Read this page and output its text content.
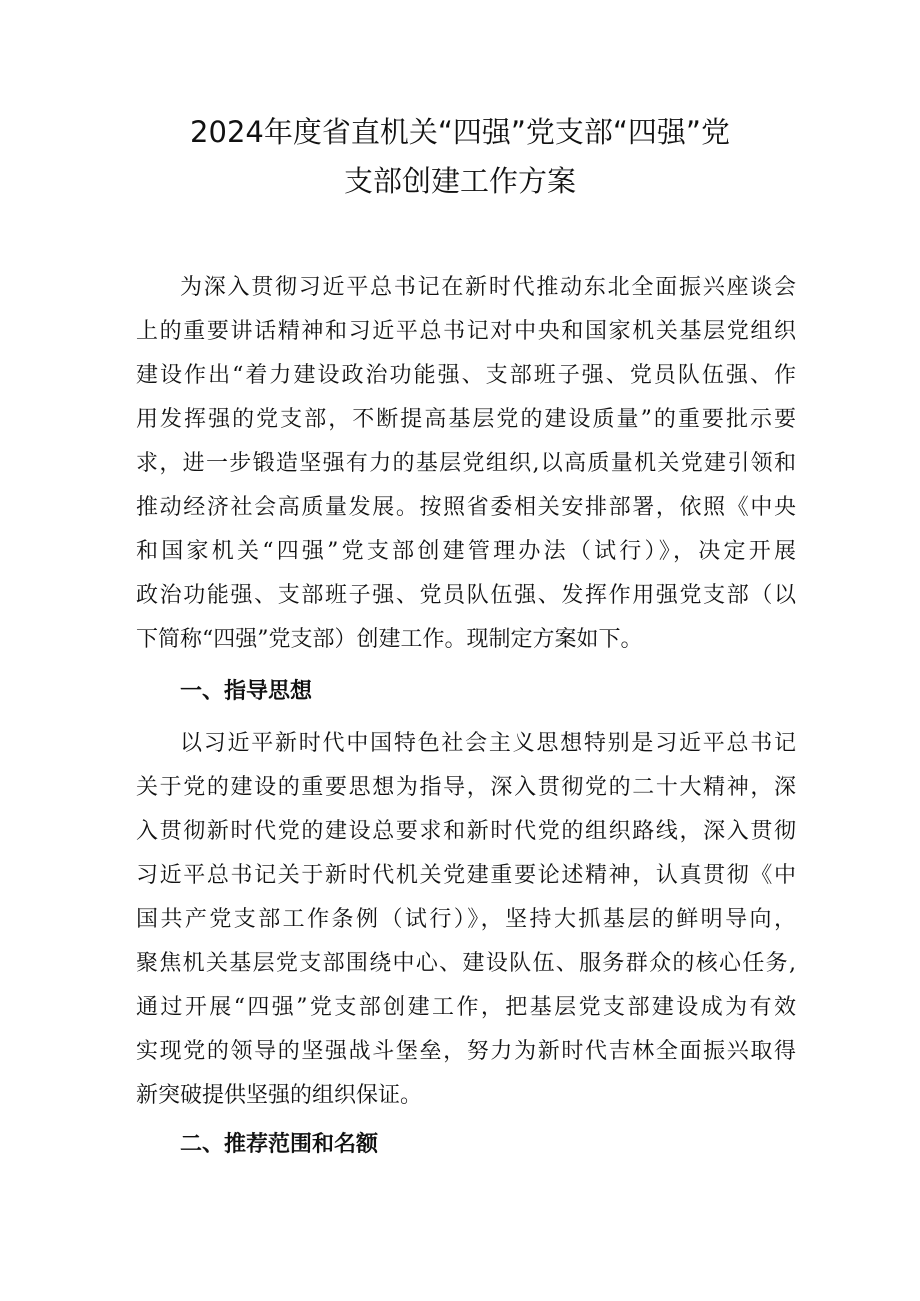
2024年度省直机关“四强”党支部“四强”党
支部创建工作方案
为深入贯彻习近平总书记在新时代推动东北全面振兴座谈会
上的重要讲话精神和习近平总书记对中央和国家机关基层党组织
建设作出“着力建设政治功能强、支部班子强、党员队伍强、作
用发挥强的党支部，不断提高基层党的建设质量”的重要批示要
求，进一步锻造坚强有力的基层党组织,以高质量机关党建引领和
推动经济社会高质量发展。按照省委相关安排部署，依照《中央
和国家机关“四强”党支部创建管理办法（试行）》，决定开展
政治功能强、支部班子强、党员队伍强、发挥作用强党支部（以
下简称“四强”党支部）创建工作。现制定方案如下。
一、指导思想
以习近平新时代中国特色社会主义思想特别是习近平总书记
关于党的建设的重要思想为指导，深入贯彻党的二十大精神，深
入贯彻新时代党的建设总要求和新时代党的组织路线，深入贯彻
习近平总书记关于新时代机关党建重要论述精神，认真贯彻《中
国共产党支部工作条例（试行）》，坚持大抓基层的鲜明导向，
聚焦机关基层党支部围绕中心、建设队伍、服务群众的核心任务,
通过开展“四强”党支部创建工作，把基层党支部建设成为有效
实现党的领导的坚强战斗堡垒，努力为新时代吉林全面振兴取得
新突破提供坚强的组织保证。
二、推荐范围和名额
